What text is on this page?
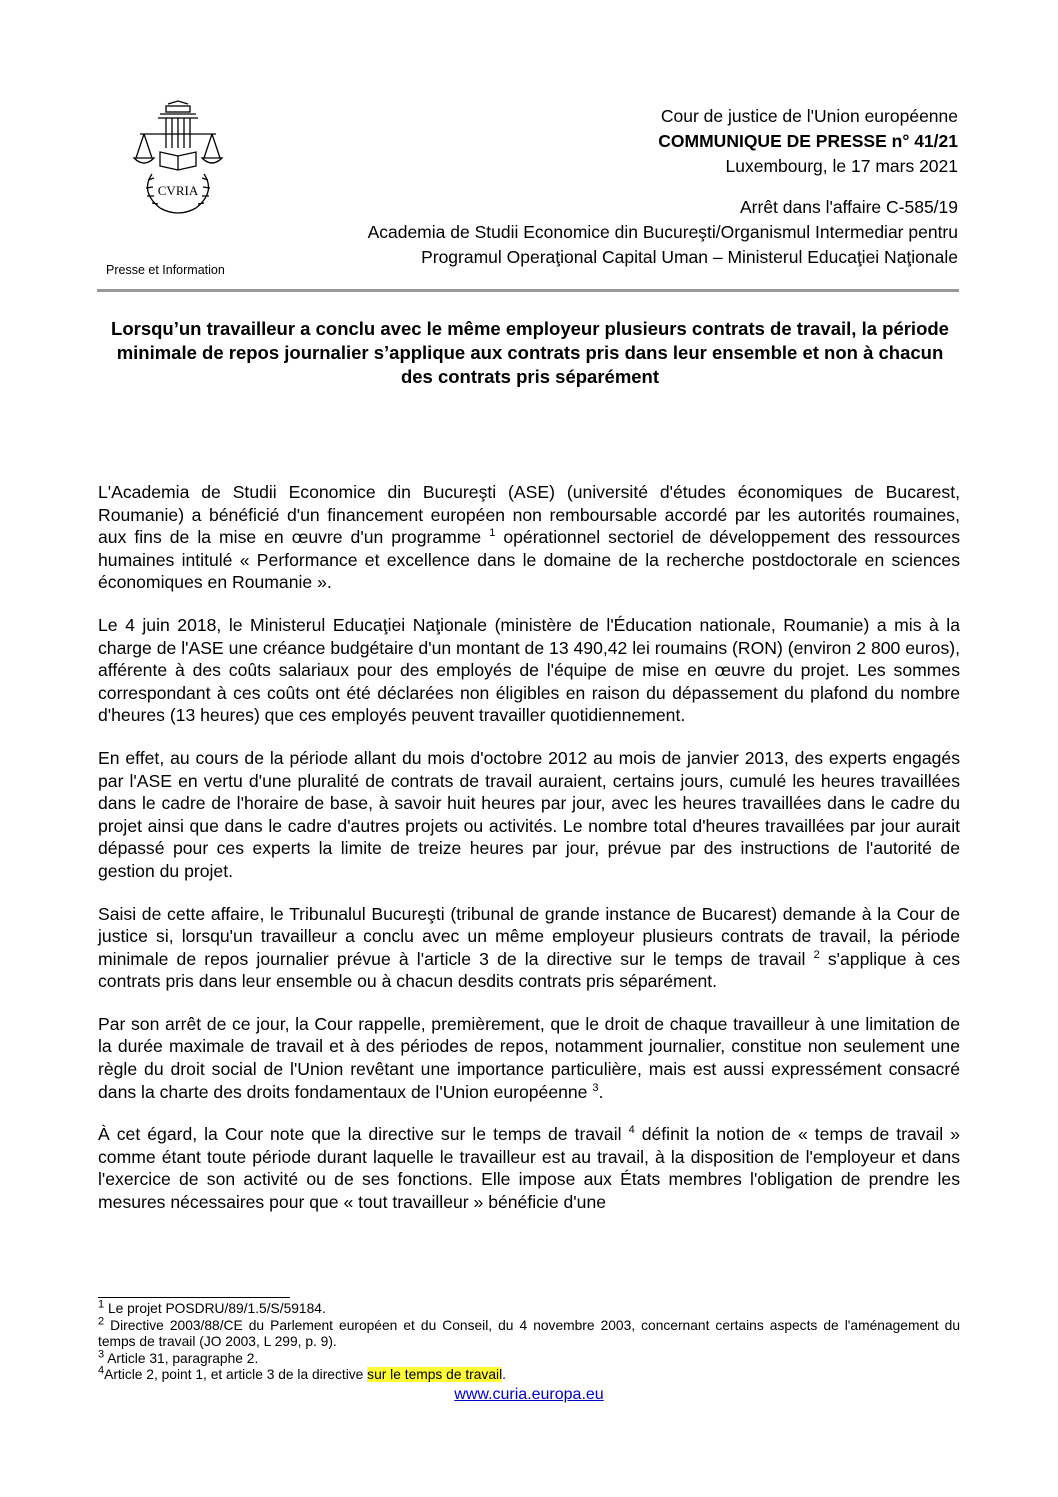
CVRIA
Presse et Information
Cour de justice de l'Union européenne
COMMUNIQUE DE PRESSE n° 41/21
Luxembourg, le 17 mars 2021
Arrêt dans l'affaire C-585/19
Academia de Studii Economice din Bucureşti/Organismul Intermediar pentru
Programul Operaţional Capital Uman – Ministerul Educaţiei Naţionale
Lorsqu’un travailleur a conclu avec le même employeur plusieurs contrats de travail, la période minimale de repos journalier s’applique aux contrats pris dans leur ensemble et non à chacun des contrats pris séparément

L'Academia de Studii Economice din Bucureşti (ASE) (université d'études économiques de Bucarest, Roumanie) a bénéficié d'un financement européen non remboursable accordé par les autorités roumaines, aux fins de la mise en œuvre d'un programme $^1$ opérationnel sectoriel de développement des ressources humaines intitulé « Performance et excellence dans le domaine de la recherche postdoctorale en sciences économiques en Roumanie ».

Le 4 juin 2018, le Ministerul Educaţiei Naţionale (ministère de l'Éducation nationale, Roumanie) a mis à la charge de l'ASE une créance budgétaire d'un montant de 13 490,42 lei roumains (RON) (environ 2 800 euros), afférente à des coûts salariaux pour des employés de l'équipe de mise en œuvre du projet. Les sommes correspondant à ces coûts ont été déclarées non éligibles en raison du dépassement du plafond du nombre d'heures (13 heures) que ces employés peuvent travailler quotidiennement.

En effet, au cours de la période allant du mois d'octobre 2012 au mois de janvier 2013, des experts engagés par l'ASE en vertu d'une pluralité de contrats de travail auraient, certains jours, cumulé les heures travaillées dans le cadre de l'horaire de base, à savoir huit heures par jour, avec les heures travaillées dans le cadre du projet ainsi que dans le cadre d'autres projets ou activités. Le nombre total d'heures travaillées par jour aurait dépassé pour ces experts la limite de treize heures par jour, prévue par des instructions de l'autorité de gestion du projet.

Saisi de cette affaire, le Tribunalul Bucureşti (tribunal de grande instance de Bucarest) demande à la Cour de justice si, lorsqu'un travailleur a conclu avec un même employeur plusieurs contrats de travail, la période minimale de repos journalier prévue à l'article 3 de la directive sur le temps de travail $^2$ s'applique à ces contrats pris dans leur ensemble ou à chacun desdits contrats pris séparément.

Par son arrêt de ce jour, la Cour rappelle, premièrement, que le droit de chaque travailleur à une limitation de la durée maximale de travail et à des périodes de repos, notamment journalier, constitue non seulement une règle du droit social de l'Union revêtant une importance particulière, mais est aussi expressément consacré dans la charte des droits fondamentaux de l'Union européenne $^3$.

À cet égard, la Cour note que la directive sur le temps de travail $^4$ définit la notion de « temps de travail » comme étant toute période durant laquelle le travailleur est au travail, à la disposition de l'employeur et dans l'exercice de son activité ou de ses fonctions. Elle impose aux États membres l'obligation de prendre les mesures nécessaires pour que « tout travailleur » bénéficie d'une

$^1$ Le projet POSDRU/89/1.5/S/59184.

$^2$ Directive 2003/88/CE du Parlement européen et du Conseil, du 4 novembre 2003, concernant certains aspects de l'aménagement du temps de travail (JO 2003, L 299, p. 9).

$^3$ Article 31, paragraphe 2.

$^4$Article 2, point 1, et article 3 de la directive sur le temps de travail.

www.curia.europa.eu
